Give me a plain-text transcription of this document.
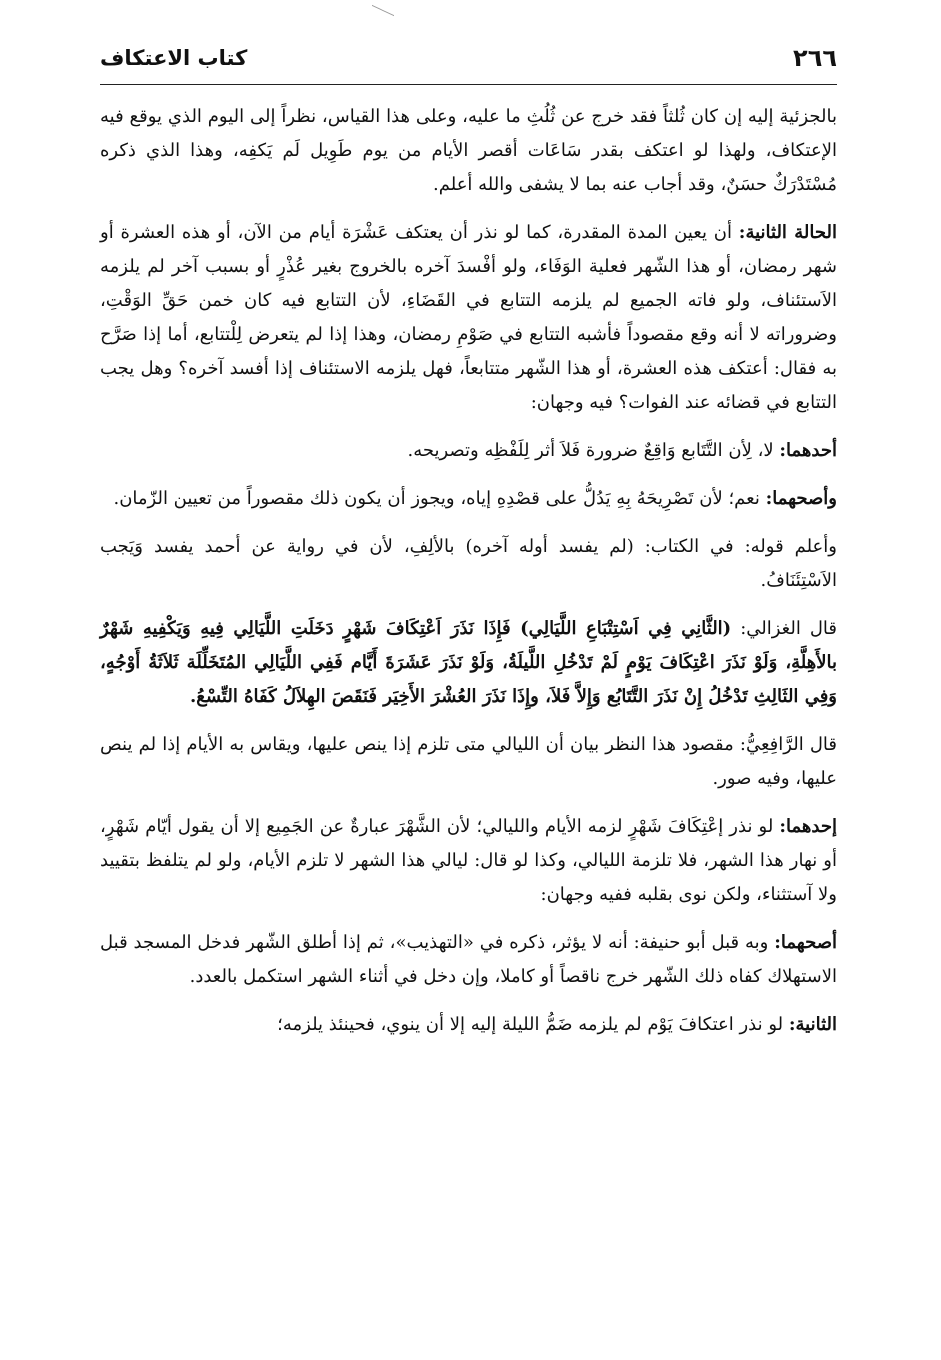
٢٦٦
كتاب الاعتكاف

بالجزئية إليه إن كان ثُلثاً فقد خرج عن ثُلُثِ ما عليه، وعلى هذا القياس، نظراً إلى اليوم الذي يوقع فيه الإعتكاف، ولهذا لو اعتكف بقدر سَاعَات أقصر الأيام من يوم طَوِيل لَم يَكفِه، وهذا الذي ذكره مُسْتَدْرَكٌ حسَنٌ، وقد أجاب عنه بما لا يشفى والله أعلم.

الحالة الثانية: أن يعين المدة المقدرة، كما لو نذر أن يعتكف عَشْرَة أيام من الآن، أو هذه العشرة أو شهر رمضان، أو هذا الشّهر فعلية الوَفَاء، ولو أفْسدَ آخره بالخروج بغير عُذْرٍ أو بسبب آخر لم يلزمه الاَستئناف، ولو فاته الجميع لم يلزمه التتابع في القَضَاءِ، لأن التتابع فيه كان خمن حَقِّ الوَقْتِ، وضروراته لا أنه وقع مقصوداً فأشبه التتابع في صَوْمِ رمضان، وهذا إذا لم يتعرض لِلْتتابع، أما إذا صَرَّح به فقال: أعتكف هذه العشرة، أو هذا الشّهر متتابعاً، فهل يلزمه الاستئناف إذا أفسد آخره؟ وهل يجب التتابع في قضائه عند الفوات؟ فيه وجهان:

أحدهما: لا، لِأن التَّتَابع وَاقِعٌ ضرورة فَلاَ أثر لِلَفْظِه وتصريحه.

وأصحهما: نعم؛ لأن تَصْرِيحَهُ بِهِ يَدُلُّ على قصْدِهِ إياه، ويجوز أن يكون ذلك مقصوراً من تعيين الزّمان.

وأعلم قوله: في الكتاب: (لم يفسد أوله آخره) بالألِفِ، لأن في رواية عن أحمد يفسد وَيَجب الاَسْتِئَنَافُ.

قال الغزالي: (الثَّانِي فِي اَسْتِتْبَاعِ اللَّيَالِي) فَإِذَا نَذَرَ اَعْتِكَافَ شَهْرٍ دَخَلَتِ اللَّيَالِي فِيهِ وَيَكْفِيهِ شَهْرٌ بالأَهِلَّةِ، وَلَوْ نَذَرَ اعْتِكَافَ يَوْمٍ لَمْ تَدْخُلِ اللَّيلَةُ، وَلَوْ نَذَرَ عَشَرَةَ أَيَّام فَفِي اللَّيَالِي المُتَخَلِّلَة ثَلاَثَةُ أَوْجُهٍ، وَفِي الثَالِثِ تَدْخُلُ إِنْ نَذَرَ التَّتَابُع وَإِلاَّ فَلاَ، وإِذَا نَذَرَ العُشْرَ الأَخِيَر فَنَقَصَ الهِلاَلُ كَفَاهُ التِّسْعُ.

قال الرَّافِعِيُّ: مقصود هذا النظر بيان أن الليالي متى تلزم إذا ينص عليها، ويقاس به الأيام إذا لم ينص عليها، وفيه صور.

إحدهما: لو نذر إعْتِكَافَ شَهْرٍ لزمه الأيام والليالي؛ لأن الشَّهْرَ عبارةٌ عن الجَمِيع إلا أن يقول أيّام شَهْرٍ، أو نهار هذا الشهر، فلا تلزمة الليالي، وكذا لو قال: ليالي هذا الشهر لا تلزم الأيام، ولو لم يتلفظ بتقييد ولا آستثناء، ولكن نوى بقلبه ففيه وجهان:

أصحهما: وبه قبل أبو حنيفة: أنه لا يؤثر، ذكره في «التهذيب»، ثم إذا أطلق الشّهر فدخل المسجد قبل الاستهلاك كفاه ذلك الشّهر خرج ناقصاً أو كاملا، وإن دخل في أثناء الشهر استكمل بالعدد.

الثانية: لو نذر اعتكافَ يَوْم لم يلزمه ضَمُّ الليلة إليه إلا أن ينوي، فحينئذ يلزمه؛
